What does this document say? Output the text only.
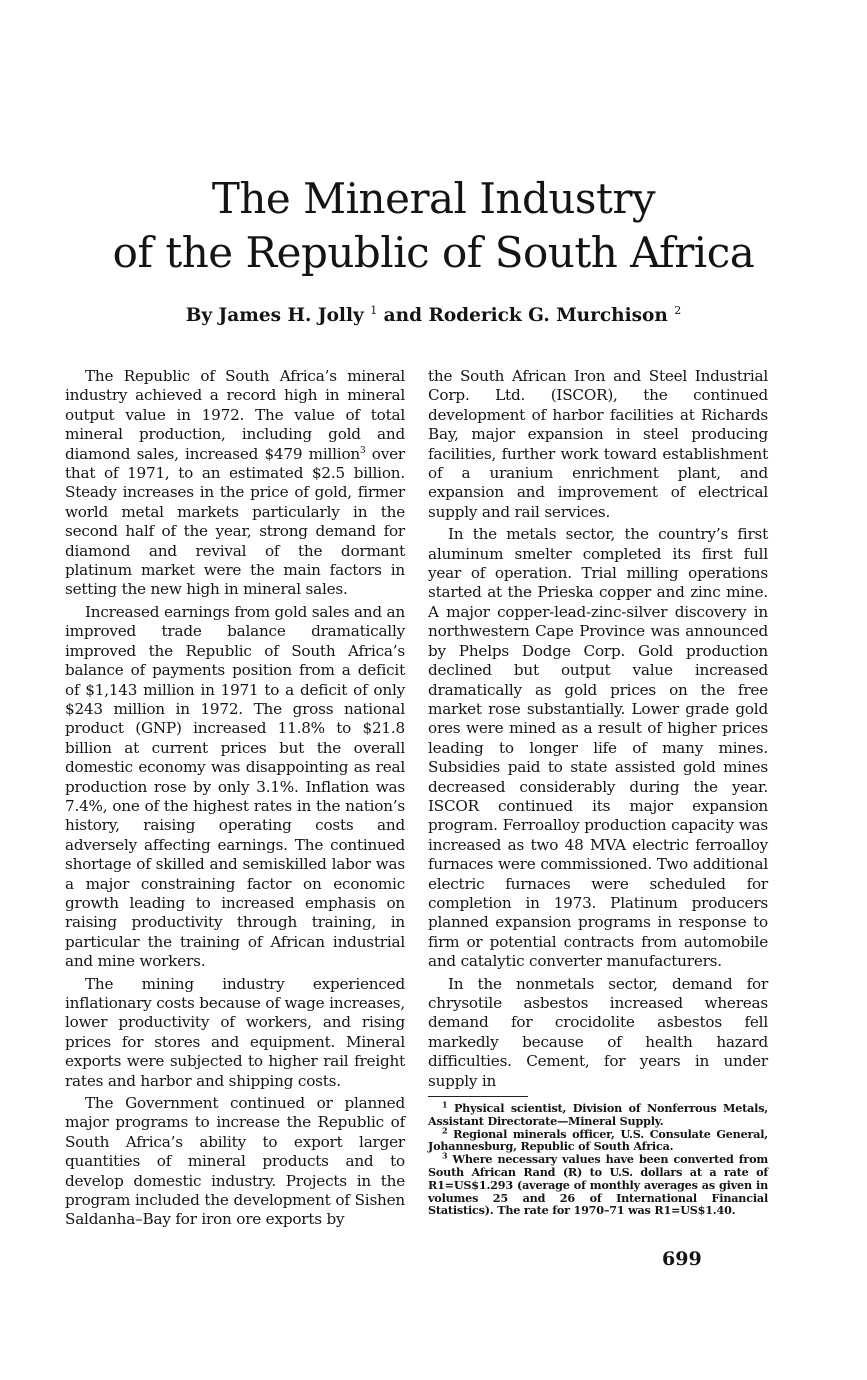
The Mineral Industry
of the Republic of South Africa
By James H. Jolly $^1$ and Roderick G. Murchison $^2$

The Republic of South Africa’s mineral industry achieved a record high in mineral output value in 1972. The value of total mineral production, including gold and diamond sales, increased $479 million$^3$ over that of 1971, to an estimated $2.5 billion. Steady increases in the price of gold, firmer world metal markets particularly in the second half of the year, strong demand for diamond and revival of the dormant platinum market were the main factors in setting the new high in mineral sales.

Increased earnings from gold sales and an improved trade balance dramatically improved the Republic of South Africa’s balance of payments position from a deficit of $1,143 million in 1971 to a deficit of only $243 million in 1972. The gross national product (GNP) increased 11.8% to $21.8 billion at current prices but the overall domestic economy was disappointing as real production rose by only 3.1%. Inflation was 7.4%, one of the highest rates in the nation’s history, raising operating costs and adversely affecting earnings. The continued shortage of skilled and semiskilled labor was a major constraining factor on economic growth leading to increased emphasis on raising productivity through training, in particular the training of African industrial and mine workers.

The mining industry experienced inflationary costs because of wage increases, lower productivity of workers, and rising prices for stores and equipment. Mineral exports were subjected to higher rail freight rates and harbor and shipping costs.

The Government continued or planned major programs to increase the Republic of South Africa’s ability to export larger quantities of mineral products and to develop domestic industry. Projects in the program included the development of Sishen Saldanha–Bay for iron ore exports by

the South African Iron and Steel Industrial Corp. Ltd. (ISCOR), the continued development of harbor facilities at Richards Bay, major expansion in steel producing facilities, further work toward establishment of a uranium enrichment plant, and expansion and improvement of electrical supply and rail services.

In the metals sector, the country’s first aluminum smelter completed its first full year of operation. Trial milling operations started at the Prieska copper and zinc mine. A major copper-lead-zinc-silver discovery in northwestern Cape Province was announced by Phelps Dodge Corp. Gold production declined but output value increased dramatically as gold prices on the free market rose substantially. Lower grade gold ores were mined as a result of higher prices leading to longer life of many mines. Subsidies paid to state assisted gold mines decreased considerably during the year. ISCOR continued its major expansion program. Ferroalloy production capacity was increased as two 48 MVA electric ferroalloy furnaces were commissioned. Two additional electric furnaces were scheduled for completion in 1973. Platinum producers planned expansion programs in response to firm or potential contracts from automobile and catalytic converter manufacturers.

In the nonmetals sector, demand for chrysotile asbestos increased whereas demand for crocidolite asbestos fell markedly because of health hazard difficulties. Cement, for years in under supply in

$^1$ Physical scientist, Division of Nonferrous Metals, Assistant Directorate—Mineral Supply.

$^2$ Regional minerals officer, U.S. Consulate General, Johannesburg, Republic of South Africa.

$^3$ Where necessary values have been converted from South African Rand (R) to U.S. dollars at a rate of R1=US$1.293 (average of monthly averages as given in volumes 25 and 26 of International Financial Statistics). The rate for 1970–71 was R1=US$1.40.

699
